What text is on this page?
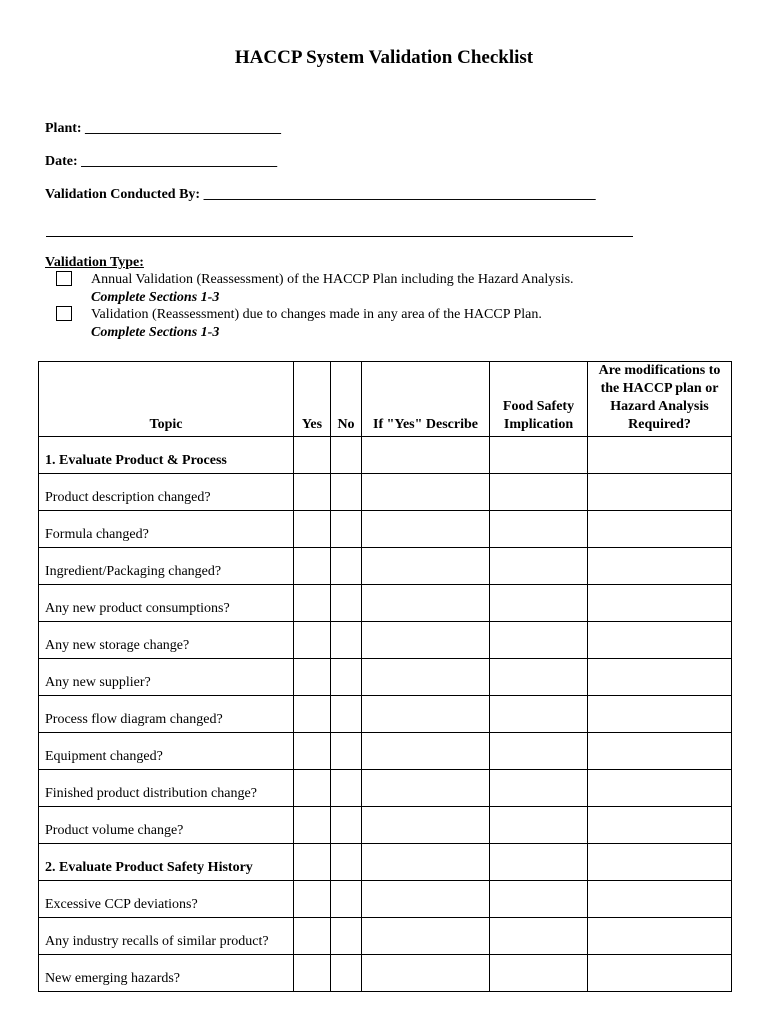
HACCP System Validation Checklist
Plant: ____________________________
Date: ____________________________
Validation Conducted By: ________________________________________________________
Validation Type:
Annual Validation (Reassessment) of the HACCP Plan including the Hazard Analysis.
Complete Sections 1-3
Validation (Reassessment) due to changes made in any area of the HACCP Plan.
Complete Sections 1-3
Topic	Yes	No	If "Yes" Describe	Food Safety Implication	Are modifications to the HACCP plan or Hazard Analysis Required?
1. Evaluate Product & Process					
Product description changed?					
Formula changed?					
Ingredient/Packaging changed?					
Any new product consumptions?					
Any new storage change?					
Any new supplier?					
Process flow diagram changed?					
Equipment changed?					
Finished product distribution change?					
Product volume change?					
2. Evaluate Product Safety History					
Excessive CCP deviations?					
Any industry recalls of similar product?					
New emerging hazards?					
